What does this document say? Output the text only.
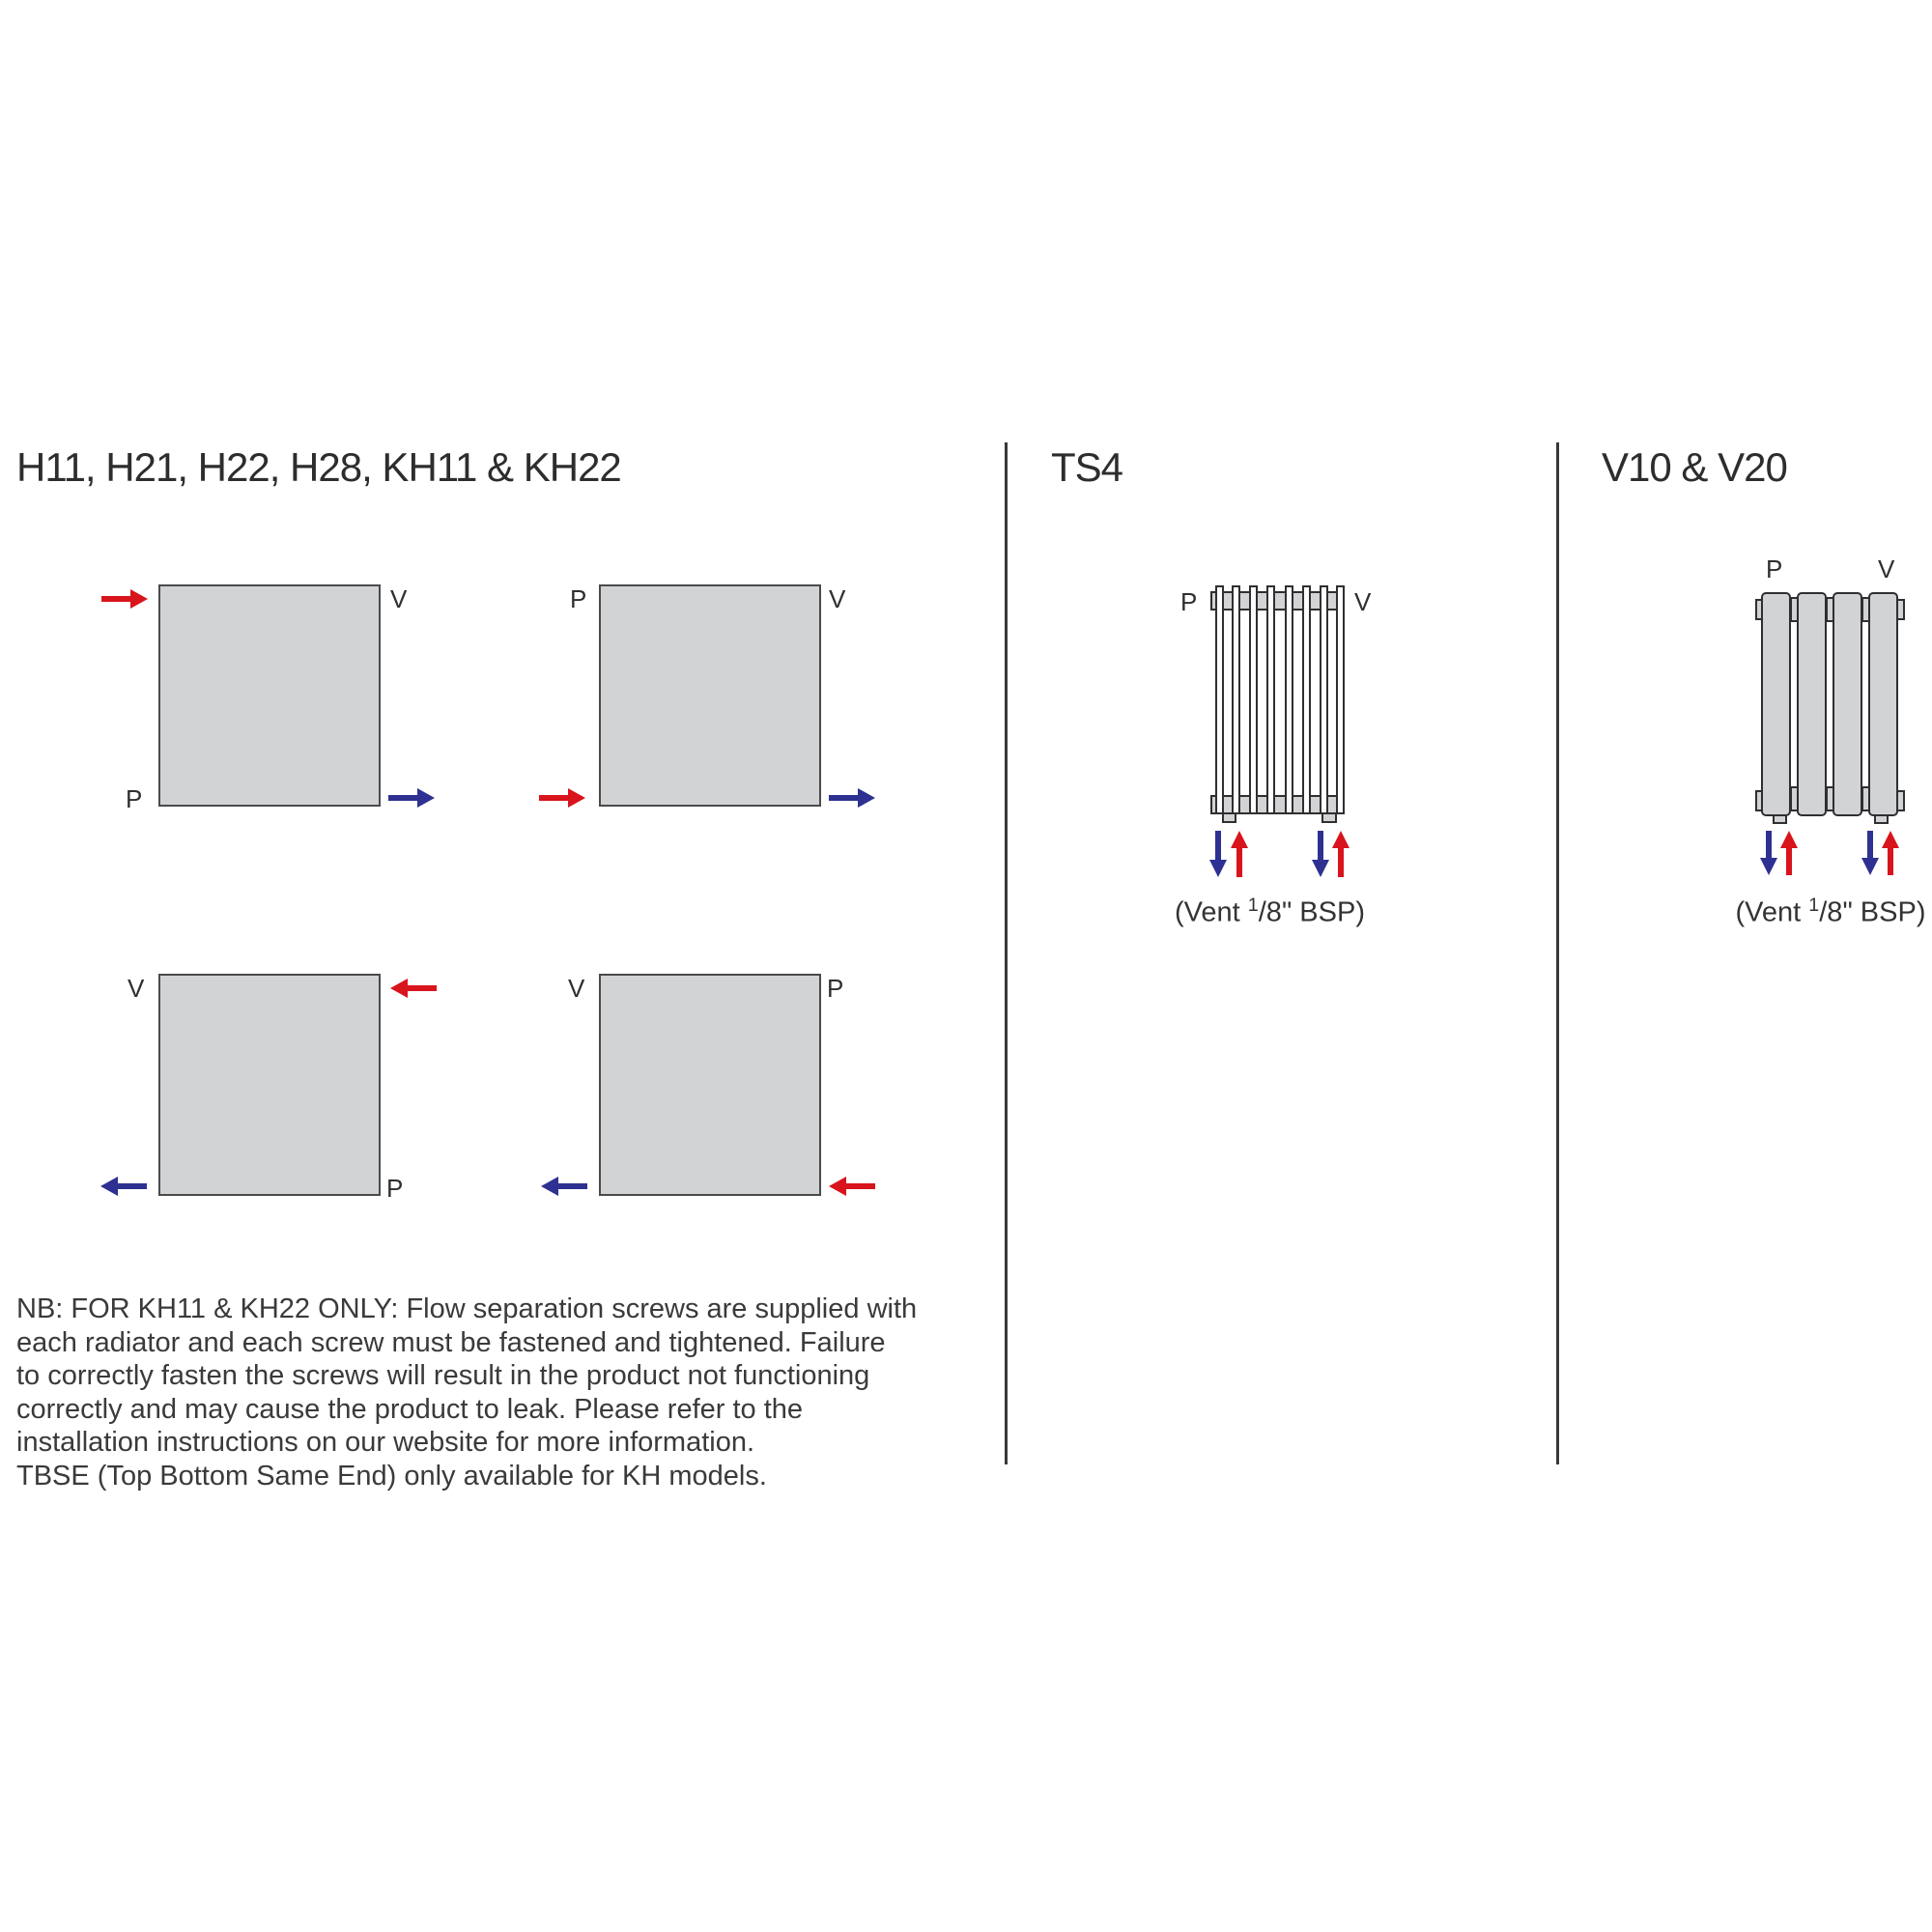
H11, H21, H22, H28, KH11 & KH22	TS4	V10 & V20
V
P
P	V
V
P
V	P
P	V
(Vent $^1$/8" BSP)
P	V
(Vent $^1$/8" BSP)
NB: FOR KH11 & KH22 ONLY: Flow separation screws are supplied with
each radiator and each screw must be fastened and tightened. Failure
to correctly fasten the screws will result in the product not functioning
correctly and may cause the product to leak. Please refer to the
installation instructions on our website for more information.
TBSE (Top Bottom Same End) only available for KH models.
